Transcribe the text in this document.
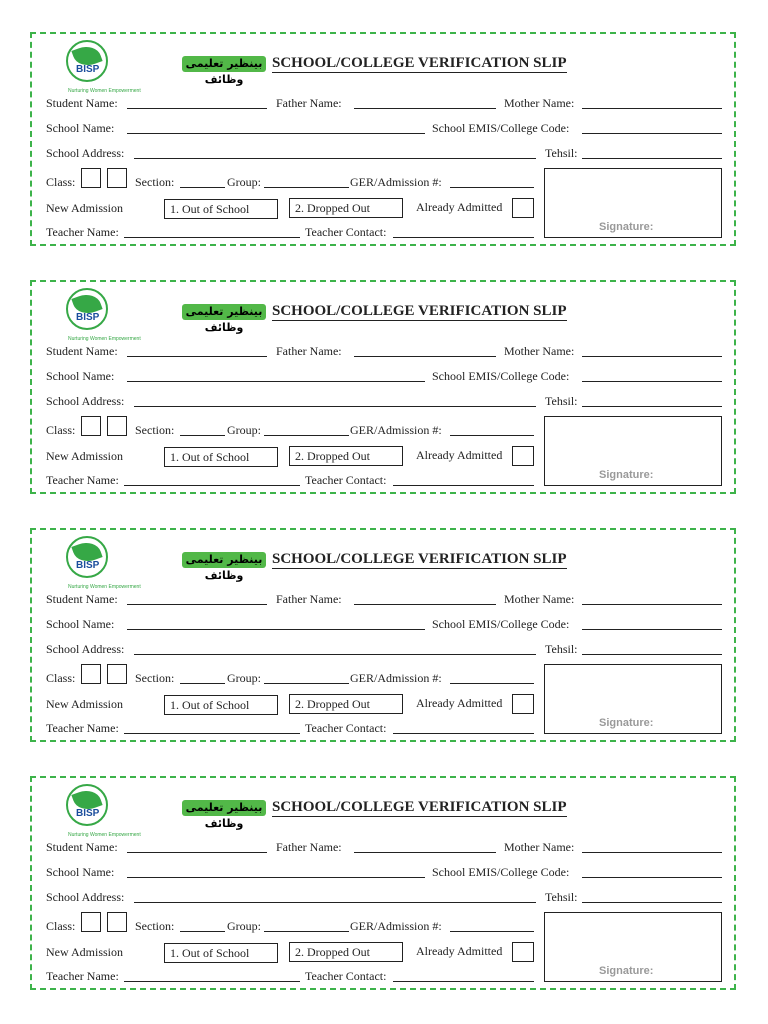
BISP
Nurturing Women Empowerment
بینظیر تعلیمی وظائف
SCHOOL/COLLEGE VERIFICATION SLIP
Student Name:	Father Name:	Mother Name:
School Name:	School EMIS/College Code:
School Address:	Tehsil:
Class:	Section:	Group:	GER/Admission #:
Signature:
New Admission	1. Out of School	2. Dropped Out	Already Admitted
Teacher Name:	Teacher Contact:
BISP
Nurturing Women Empowerment
بینظیر تعلیمی وظائف
SCHOOL/COLLEGE VERIFICATION SLIP
Student Name:	Father Name:	Mother Name:
School Name:	School EMIS/College Code:
School Address:	Tehsil:
Class:	Section:	Group:	GER/Admission #:
Signature:
New Admission	1. Out of School	2. Dropped Out	Already Admitted
Teacher Name:	Teacher Contact:
BISP
Nurturing Women Empowerment
بینظیر تعلیمی وظائف
SCHOOL/COLLEGE VERIFICATION SLIP
Student Name:	Father Name:	Mother Name:
School Name:	School EMIS/College Code:
School Address:	Tehsil:
Class:	Section:	Group:	GER/Admission #:
Signature:
New Admission	1. Out of School	2. Dropped Out	Already Admitted
Teacher Name:	Teacher Contact:
BISP
Nurturing Women Empowerment
بینظیر تعلیمی وظائف
SCHOOL/COLLEGE VERIFICATION SLIP
Student Name:	Father Name:	Mother Name:
School Name:	School EMIS/College Code:
School Address:	Tehsil:
Class:	Section:	Group:	GER/Admission #:
Signature:
New Admission	1. Out of School	2. Dropped Out	Already Admitted
Teacher Name:	Teacher Contact:
